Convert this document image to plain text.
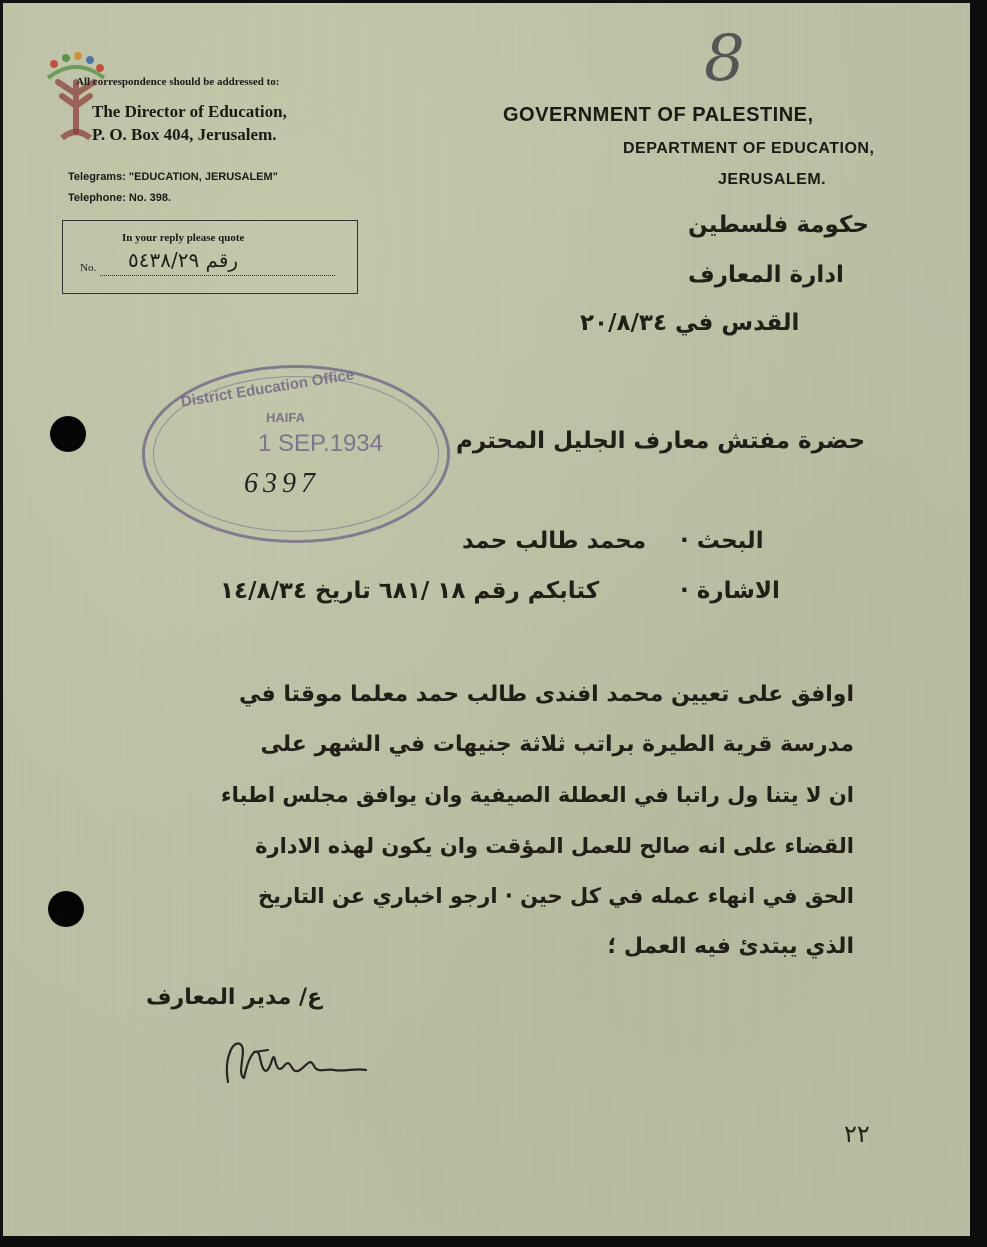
All correspondence should be addressed to:
The Director of Education,
P. O. Box 404, Jerusalem.
Telegrams: "EDUCATION, JERUSALEM"
Telephone: No. 398.
In your reply please quote
No. رقم ٥٤٣٨/٢٩
8
GOVERNMENT OF PALESTINE,
DEPARTMENT OF EDUCATION,
JERUSALEM.
حكومة فلسطين
ادارة المعارف
القدس في ٢٠/٨/٣٤
District Education Office
HAIFA
1 SEP.1934
6397
حضرة مفتش معارف الجليل المحترم
البحث ·
محمد طالب حمد
الاشارة ·
كتابكم رقم ١٨ /٦٨١ تاريخ ١٤/٨/٣٤
اوافق على تعيين محمد افندى طالب حمد معلما موقتا في
مدرسة قرية الطيرة براتب ثلاثة جنيهات في الشهر على
ان لا يتنا ول راتبا في العطلة الصيفية وان يوافق مجلس اطباء
القضاء على انه صالح للعمل المؤقت وان يكون لهذه الادارة
الحق في انهاء عمله في كل حين · ارجو اخباري عن التاريخ
الذي يبتدئ فيه العمل ؛
ع/ مدير المعارف
٢٢
